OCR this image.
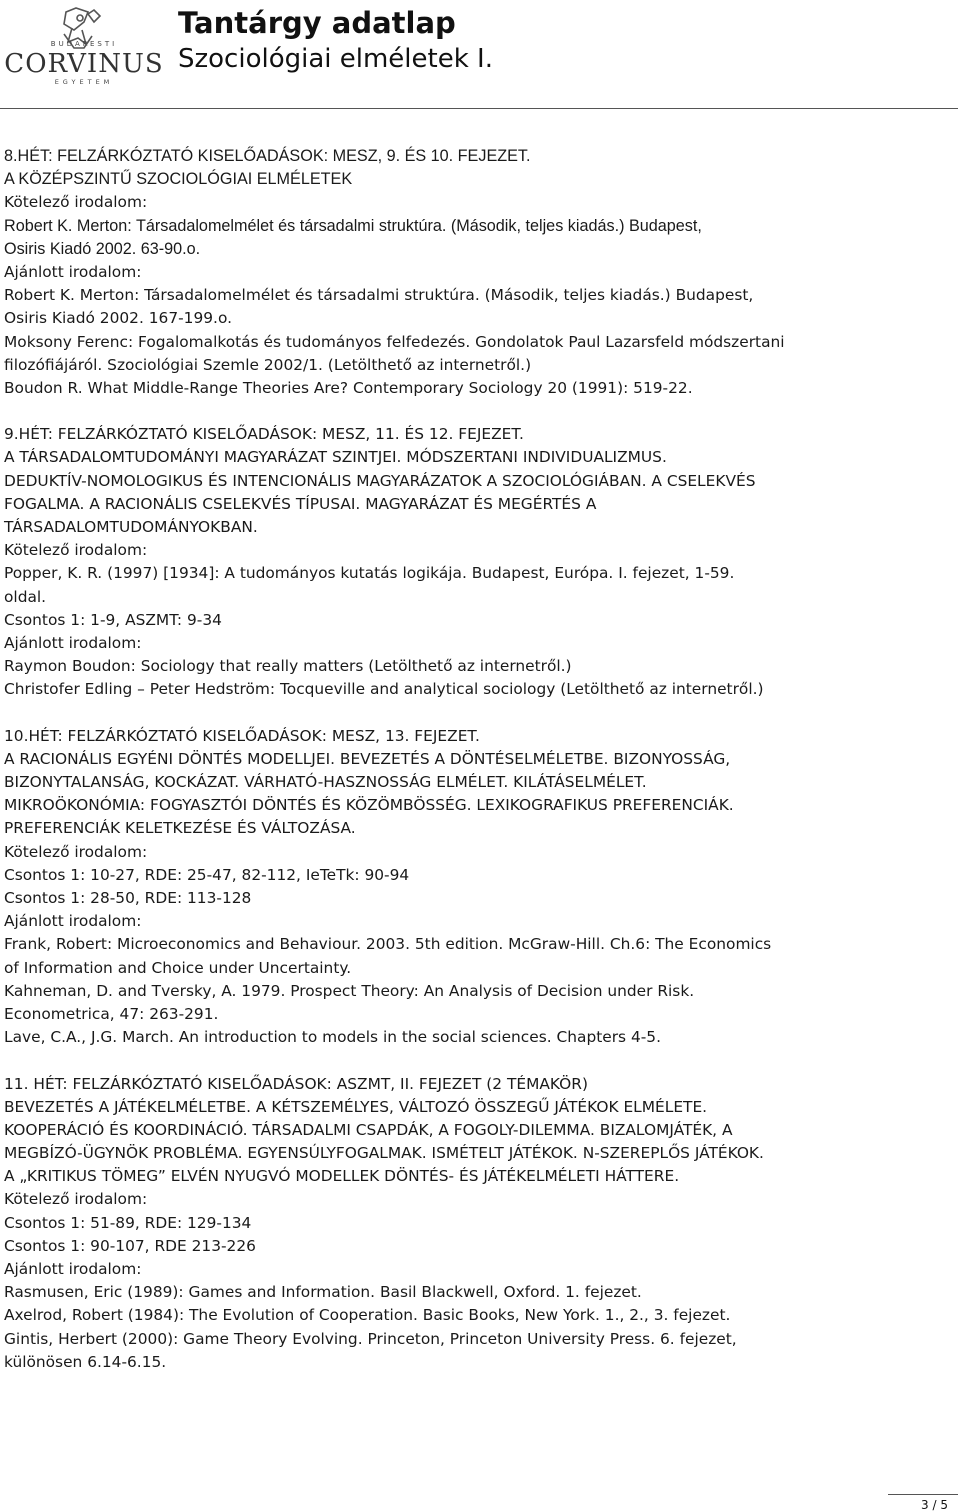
BUDAPESTI
CORVINUS
EGYETEM
Tantárgy adatlap
Szociológiai elméletek I.
8.HÉT: FELZÁRKÓZTATÓ KISELŐADÁSOK: MESZ, 9. ÉS 10. FEJEZET.
A KÖZÉPSZINTŰ SZOCIOLÓGIAI ELMÉLETEK
Kötelező irodalom:
Robert K. Merton: Társadalomelmélet és társadalmi struktúra. (Második, teljes kiadás.) Budapest,
Osiris Kiadó 2002. 63-90.o.
Ajánlott irodalom:
Robert K. Merton: Társadalomelmélet és társadalmi struktúra. (Második, teljes kiadás.) Budapest,
Osiris Kiadó 2002. 167-199.o.
Moksony Ferenc: Fogalomalkotás és tudományos felfedezés. Gondolatok Paul Lazarsfeld módszertani
filozófiájáról. Szociológiai Szemle 2002/1. (Letölthető az internetről.)
Boudon R. What Middle-Range Theories Are? Contemporary Sociology 20 (1991): 519-22.
9.HÉT: FELZÁRKÓZTATÓ KISELŐADÁSOK: MESZ, 11. ÉS 12. FEJEZET.
A TÁRSADALOMTUDOMÁNYI MAGYARÁZAT SZINTJEI. MÓDSZERTANI INDIVIDUALIZMUS.
DEDUKTÍV-NOMOLOGIKUS ÉS INTENCIONÁLIS MAGYARÁZATOK A SZOCIOLÓGIÁBAN. A CSELEKVÉS
FOGALMA. A RACIONÁLIS CSELEKVÉS TÍPUSAI. MAGYARÁZAT ÉS MEGÉRTÉS A
TÁRSADALOMTUDOMÁNYOKBAN.
Kötelező irodalom:
Popper, K. R. (1997) [1934]: A tudományos kutatás logikája. Budapest, Európa. I. fejezet, 1-59.
oldal.
Csontos 1: 1-9, ASZMT: 9-34
Ajánlott irodalom:
Raymon Boudon: Sociology that really matters (Letölthető az internetről.)
Christofer Edling – Peter Hedström: Tocqueville and analytical sociology (Letölthető az internetről.)
10.HÉT: FELZÁRKÓZTATÓ KISELŐADÁSOK: MESZ, 13. FEJEZET.
A RACIONÁLIS EGYÉNI DÖNTÉS MODELLJEI. BEVEZETÉS A DÖNTÉSELMÉLETBE. BIZONYOSSÁG,
BIZONYTALANSÁG, KOCKÁZAT. VÁRHATÓ-HASZNOSSÁG ELMÉLET. KILÁTÁSELMÉLET.
MIKROÖKONÓMIA: FOGYASZTÓI DÖNTÉS ÉS KÖZÖMBÖSSÉG. LEXIKOGRAFIKUS PREFERENCIÁK.
PREFERENCIÁK KELETKEZÉSE ÉS VÁLTOZÁSA.
Kötelező irodalom:
Csontos 1: 10-27, RDE: 25-47, 82-112, IeTeTk: 90-94
Csontos 1: 28-50, RDE: 113-128
Ajánlott irodalom:
Frank, Robert: Microeconomics and Behaviour. 2003. 5th edition. McGraw-Hill. Ch.6: The Economics
of Information and Choice under Uncertainty.
Kahneman, D. and Tversky, A. 1979. Prospect Theory: An Analysis of Decision under Risk.
Econometrica, 47: 263-291.
Lave, C.A., J.G. March. An introduction to models in the social sciences. Chapters 4-5.
11. HÉT: FELZÁRKÓZTATÓ KISELŐADÁSOK: ASZMT, II. FEJEZET (2 TÉMAKÖR)
BEVEZETÉS A JÁTÉKELMÉLETBE. A KÉTSZEMÉLYES, VÁLTOZÓ ÖSSZEGŰ JÁTÉKOK ELMÉLETE.
KOOPERÁCIÓ ÉS KOORDINÁCIÓ. TÁRSADALMI CSAPDÁK, A FOGOLY-DILEMMA. BIZALOMJÁTÉK, A
MEGBÍZÓ-ÜGYNÖK PROBLÉMA. EGYENSÚLYFOGALMAK. ISMÉTELT JÁTÉKOK. N-SZEREPLŐS JÁTÉKOK.
A „KRITIKUS TÖMEG” ELVÉN NYUGVÓ MODELLEK DÖNTÉS- ÉS JÁTÉKELMÉLETI HÁTTERE.
Kötelező irodalom:
Csontos 1: 51-89, RDE: 129-134
Csontos 1: 90-107, RDE 213-226
Ajánlott irodalom:
Rasmusen, Eric (1989): Games and Information. Basil Blackwell, Oxford. 1. fejezet.
Axelrod, Robert (1984): The Evolution of Cooperation. Basic Books, New York. 1., 2., 3. fejezet.
Gintis, Herbert (2000): Game Theory Evolving. Princeton, Princeton University Press. 6. fejezet,
különösen 6.14-6.15.
3 / 5
